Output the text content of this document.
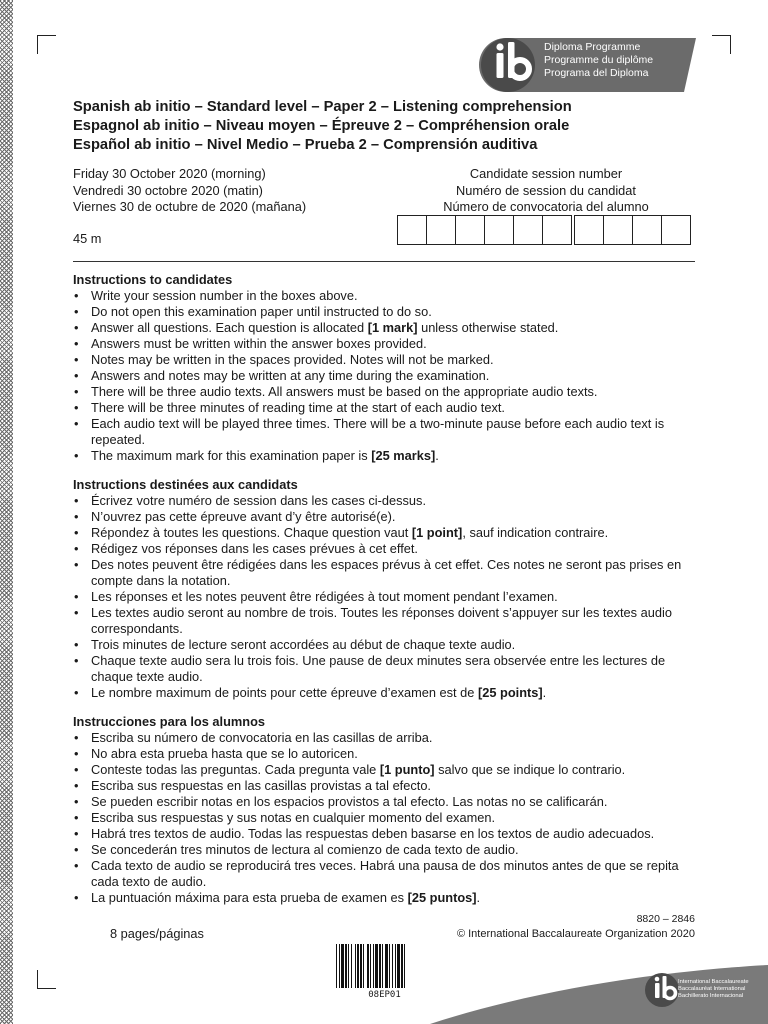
Diploma Programme
Programme du diplôme
Programa del Diploma
Spanish ab initio – Standard level – Paper 2 – Listening comprehension
Espagnol ab initio – Niveau moyen – Épreuve 2 – Compréhension orale
Español ab initio – Nivel Medio – Prueba 2 – Comprensión auditiva
Friday 30 October 2020 (morning)
Vendredi 30 octobre 2020 (matin)
Viernes 30 de octubre de 2020 (mañana)
45 m
Candidate session number
Numéro de session du candidat
Número de convocatoria del alumno
Instructions to candidates
• Write your session number in the boxes above.
• Do not open this examination paper until instructed to do so.
• Answer all questions. Each question is allocated [1 mark] unless otherwise stated.
• Answers must be written within the answer boxes provided.
• Notes may be written in the spaces provided. Notes will not be marked.
• Answers and notes may be written at any time during the examination.
• There will be three audio texts. All answers must be based on the appropriate audio texts.
• There will be three minutes of reading time at the start of each audio text.
• Each audio text will be played three times. There will be a two-minute pause before each audio text is repeated.
• The maximum mark for this examination paper is [25 marks].
Instructions destinées aux candidats
• Écrivez votre numéro de session dans les cases ci-dessus.
• N’ouvrez pas cette épreuve avant d’y être autorisé(e).
• Répondez à toutes les questions. Chaque question vaut [1 point], sauf indication contraire.
• Rédigez vos réponses dans les cases prévues à cet effet.
• Des notes peuvent être rédigées dans les espaces prévus à cet effet. Ces notes ne seront pas prises en compte dans la notation.
• Les réponses et les notes peuvent être rédigées à tout moment pendant l’examen.
• Les textes audio seront au nombre de trois. Toutes les réponses doivent s’appuyer sur les textes audio correspondants.
• Trois minutes de lecture seront accordées au début de chaque texte audio.
• Chaque texte audio sera lu trois fois. Une pause de deux minutes sera observée entre les lectures de chaque texte audio.
• Le nombre maximum de points pour cette épreuve d’examen est de [25 points].
Instrucciones para los alumnos
• Escriba su número de convocatoria en las casillas de arriba.
• No abra esta prueba hasta que se lo autoricen.
• Conteste todas las preguntas. Cada pregunta vale [1 punto] salvo que se indique lo contrario.
• Escriba sus respuestas en las casillas provistas a tal efecto.
• Se pueden escribir notas en los espacios provistos a tal efecto. Las notas no se calificarán.
• Escriba sus respuestas y sus notas en cualquier momento del examen.
• Habrá tres textos de audio. Todas las respuestas deben basarse en los textos de audio adecuados.
• Se concederán tres minutos de lectura al comienzo de cada texto de audio.
• Cada texto de audio se reproducirá tres veces. Habrá una pausa de dos minutos antes de que se repita cada texto de audio.
• La puntuación máxima para esta prueba de examen es [25 puntos].
8820 – 2846
8 pages/páginas	© International Baccalaureate Organization 2020
08EP01
International Baccalaureate
Baccalauréat International
Bachillerato Internacional
